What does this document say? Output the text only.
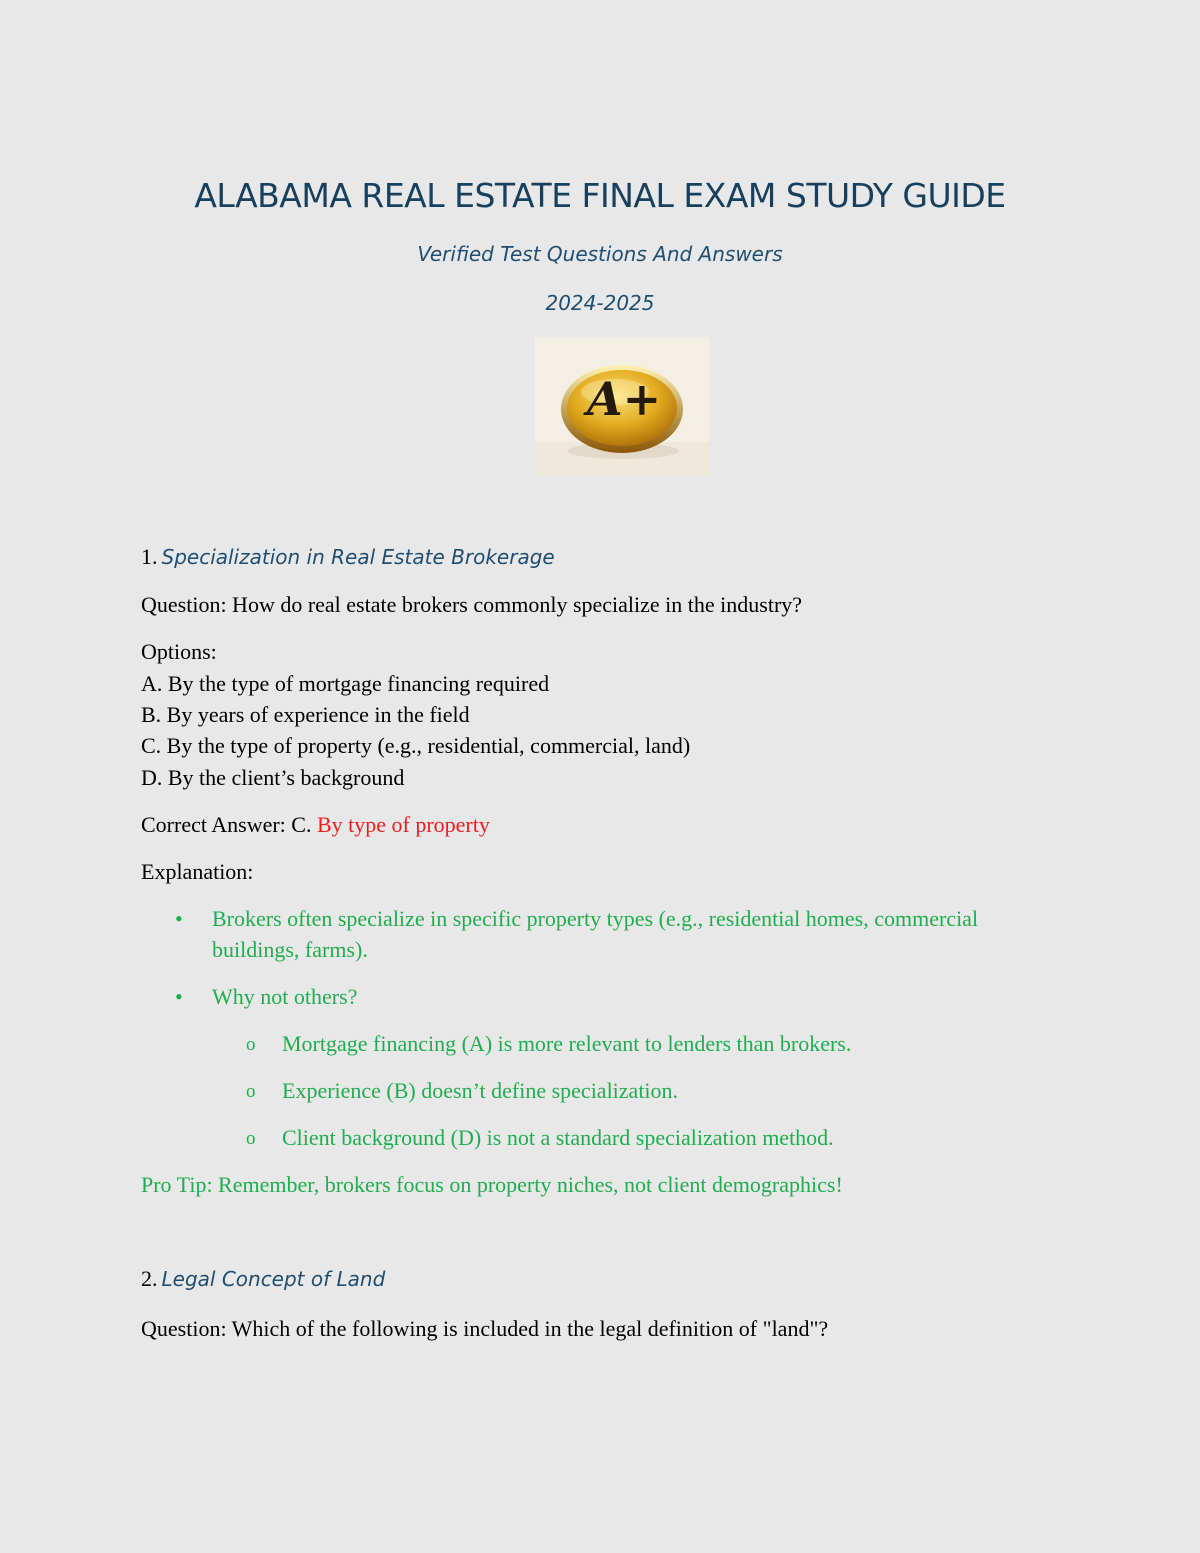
ALABAMA REAL ESTATE FINAL EXAM STUDY GUIDE
Verified Test Questions And Answers
2024-2025
A+
1. Specialization in Real Estate Brokerage
Question: How do real estate brokers commonly specialize in the industry?
Options:
A. By the type of mortgage financing required
B. By years of experience in the field
C. By the type of property (e.g., residential, commercial, land)
D. By the client’s background
Correct Answer: C. By type of property
Explanation:
• Brokers often specialize in specific property types (e.g., residential homes, commercial
buildings, farms).
• Why not others?
o Mortgage financing (A) is more relevant to lenders than brokers.
o Experience (B) doesn’t define specialization.
o Client background (D) is not a standard specialization method.
Pro Tip: Remember, brokers focus on property niches, not client demographics!
2. Legal Concept of Land
Question: Which of the following is included in the legal definition of "land"?
